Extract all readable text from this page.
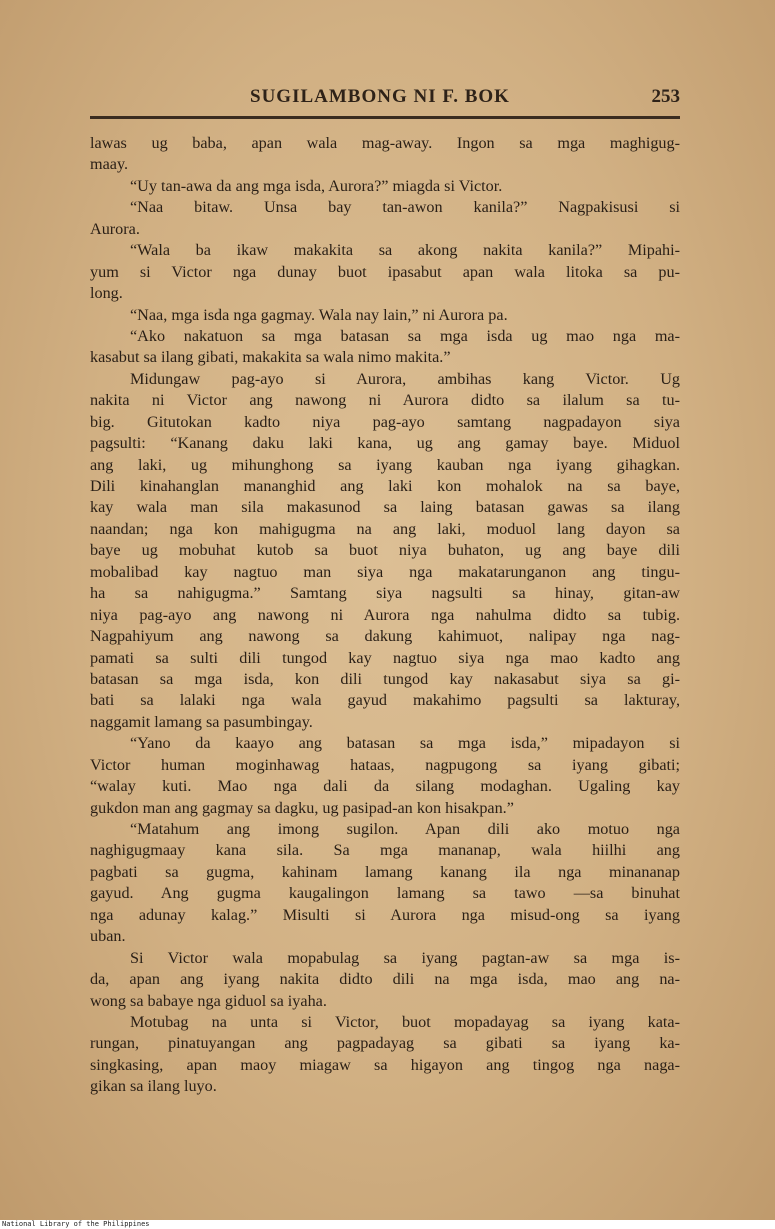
SUGILAMBONG NI F. BOK	253
lawas ug baba, apan wala mag-away. Ingon sa mga maghigug-
maay.
“Uy tan-awa da ang mga isda, Aurora?” miagda si Victor.
“Naa bitaw. Unsa bay tan-awon kanila?” Nagpakisusi si
Aurora.
“Wala ba ikaw makakita sa akong nakita kanila?” Mipahi-
yum si Victor nga dunay buot ipasabut apan wala litoka sa pu-
long.
“Naa, mga isda nga gagmay. Wala nay lain,” ni Aurora pa.
“Ako nakatuon sa mga batasan sa mga isda ug mao nga ma-
kasabut sa ilang gibati, makakita sa wala nimo makita.”
Midungaw pag-ayo si Aurora, ambihas kang Victor. Ug
nakita ni Victor ang nawong ni Aurora didto sa ilalum sa tu-
big. Gitutokan kadto niya pag-ayo samtang nagpadayon siya
pagsulti: “Kanang daku laki kana, ug ang gamay baye. Miduol
ang laki, ug mihunghong sa iyang kauban nga iyang gihagkan.
Dili kinahanglan mananghid ang laki kon mohalok na sa baye,
kay wala man sila makasunod sa laing batasan gawas sa ilang
naandan; nga kon mahigugma na ang laki, moduol lang dayon sa
baye ug mobuhat kutob sa buot niya buhaton, ug ang baye dili
mobalibad kay nagtuo man siya nga makatarunganon ang tingu-
ha sa nahigugma.” Samtang siya nagsulti sa hinay, gitan-aw
niya pag-ayo ang nawong ni Aurora nga nahulma didto sa tubig.
Nagpahiyum ang nawong sa dakung kahimuot, nalipay nga nag-
pamati sa sulti dili tungod kay nagtuo siya nga mao kadto ang
batasan sa mga isda, kon dili tungod kay nakasabut siya sa gi-
bati sa lalaki nga wala gayud makahimo pagsulti sa lakturay,
naggamit lamang sa pasumbingay.
“Yano da kaayo ang batasan sa mga isda,” mipadayon si
Victor human moginhawag hataas, nagpugong sa iyang gibati;
“walay kuti. Mao nga dali da silang modaghan. Ugaling kay
gukdon man ang gagmay sa dagku, ug pasipad-an kon hisakpan.”
“Matahum ang imong sugilon. Apan dili ako motuo nga
naghigugmaay kana sila. Sa mga mananap, wala hiilhi ang
pagbati sa gugma, kahinam lamang kanang ila nga minananap
gayud. Ang gugma kaugalingon lamang sa tawo —sa binuhat
nga adunay kalag.” Misulti si Aurora nga misud-ong sa iyang
uban.
Si Victor wala mopabulag sa iyang pagtan-aw sa mga is-
da, apan ang iyang nakita didto dili na mga isda, mao ang na-
wong sa babaye nga giduol sa iyaha.
Motubag na unta si Victor, buot mopadayag sa iyang kata-
rungan, pinatuyangan ang pagpadayag sa gibati sa iyang ka-
singkasing, apan maoy miagaw sa higayon ang tingog nga naga-
gikan sa ilang luyo.
National Library of the Philippines
